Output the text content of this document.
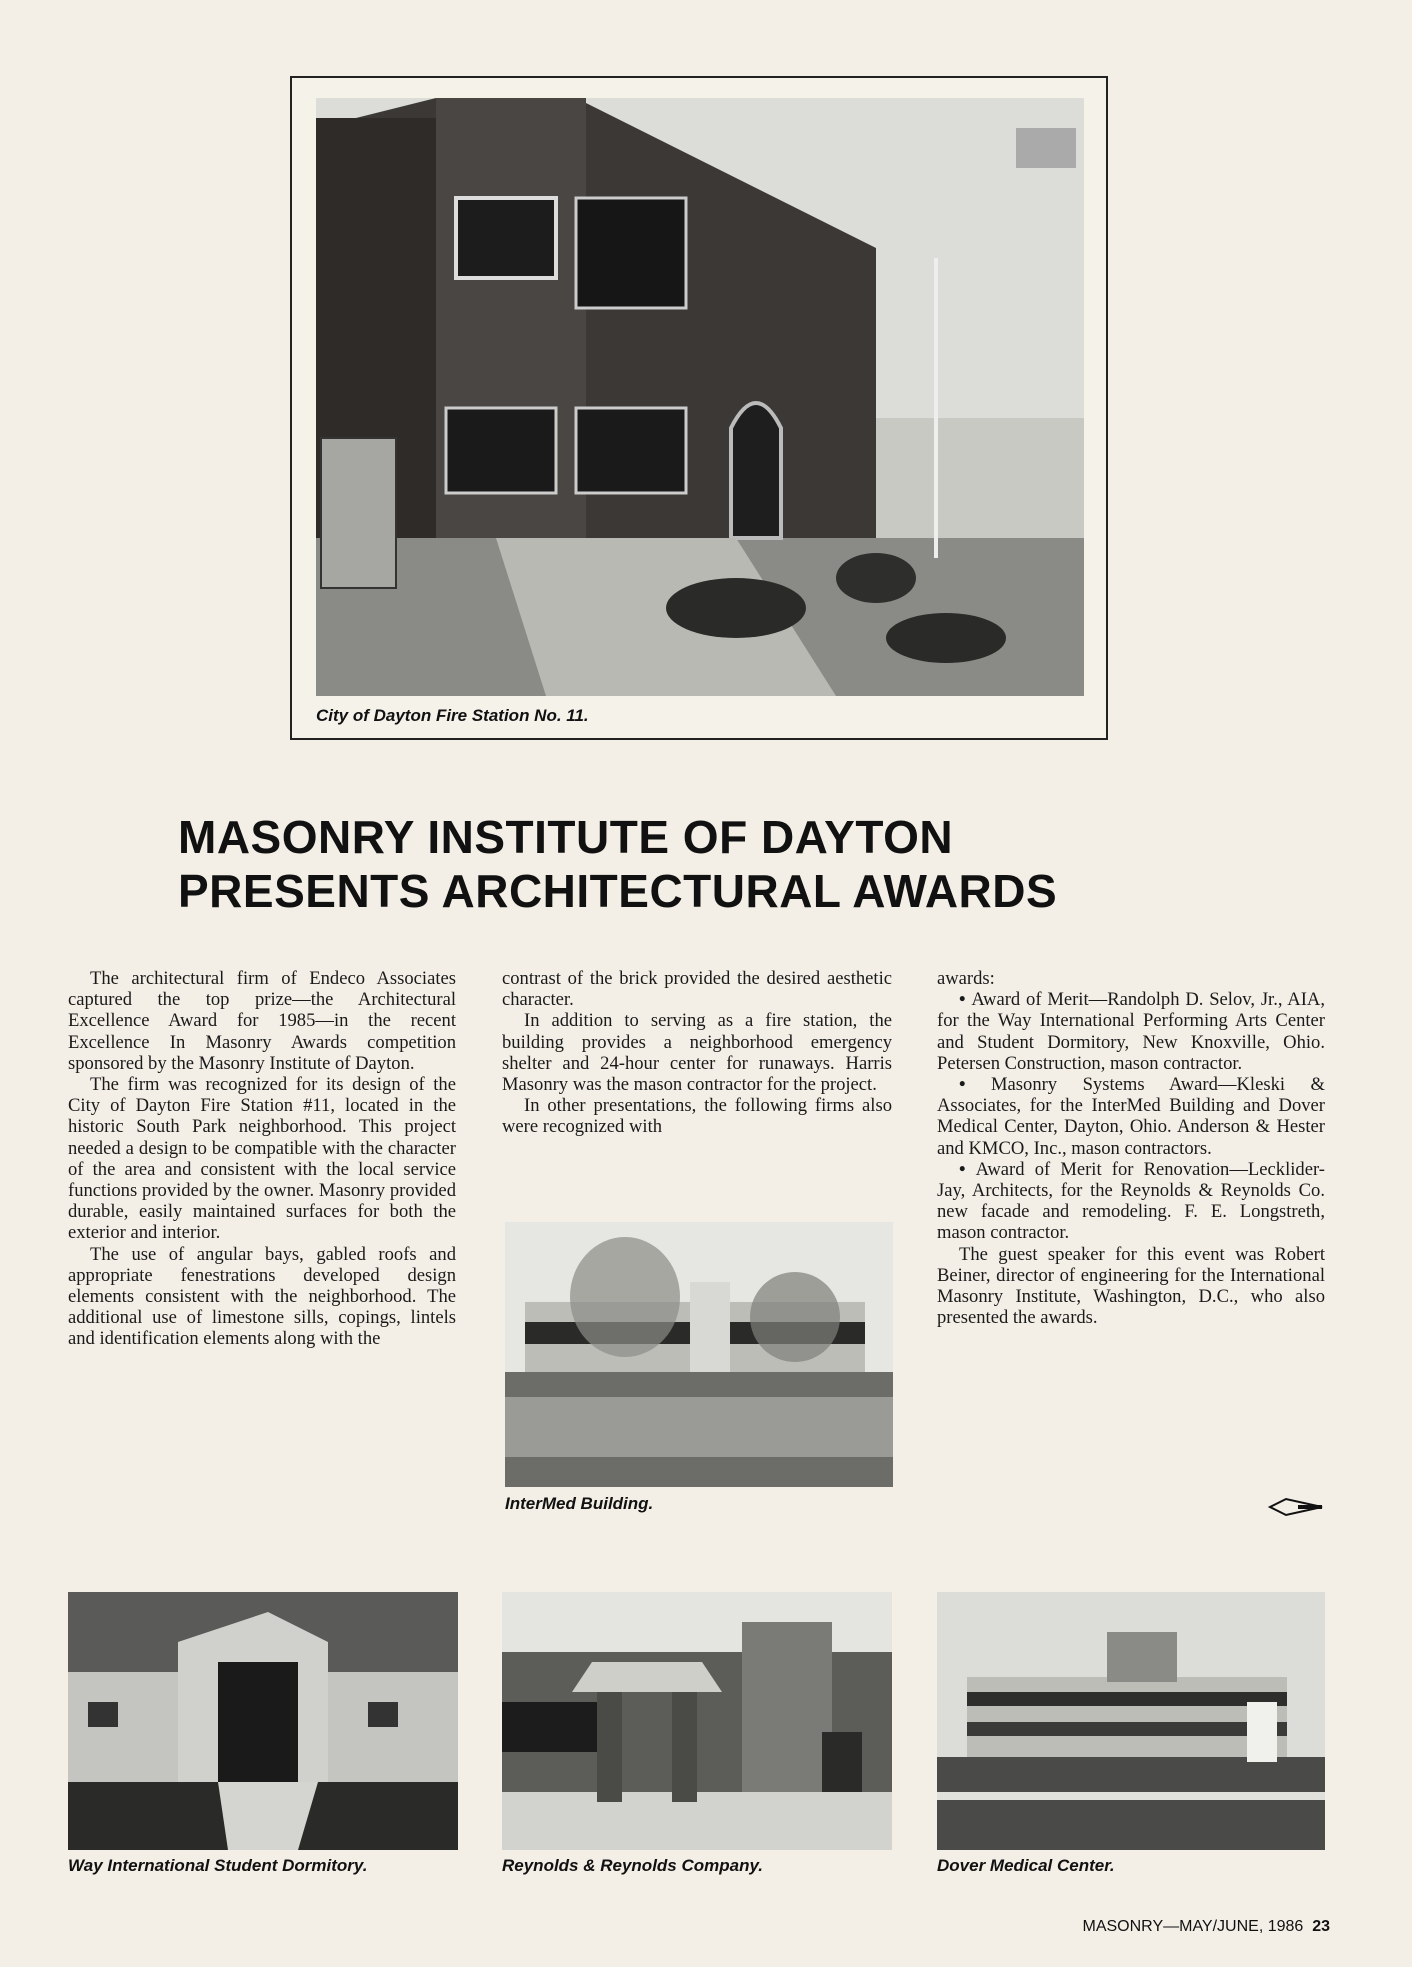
City of Dayton Fire Station No. 11.
MASONRY INSTITUTE OF DAYTON
PRESENTS ARCHITECTURAL AWARDS

The architectural firm of Endeco Associates captured the top prize—the Architectural Excellence Award for 1985—in the recent Excellence In Masonry Awards competition sponsored by the Masonry Institute of Dayton.

The firm was recognized for its design of the City of Dayton Fire Station #11, located in the historic South Park neighborhood. This project needed a design to be compatible with the character of the area and consistent with the local service functions provided by the owner. Masonry provided durable, easily maintained surfaces for both the exterior and interior.

The use of angular bays, gabled roofs and appropriate fenestrations developed design elements consistent with the neighborhood. The additional use of limestone sills, copings, lintels and identification elements along with the

contrast of the brick provided the desired aesthetic character.

In addition to serving as a fire station, the building provides a neighborhood emergency shelter and 24-hour center for runaways. Harris Masonry was the mason contractor for the project.

In other presentations, the following firms also were recognized with

InterMed Building.

awards:

• Award of Merit—Randolph D. Selov, Jr., AIA, for the Way International Performing Arts Center and Student Dormitory, New Knoxville, Ohio. Petersen Construction, mason contractor.

• Masonry Systems Award—Kleski & Associates, for the InterMed Building and Dover Medical Center, Dayton, Ohio. Anderson & Hester and KMCO, Inc., mason contractors.

• Award of Merit for Renovation—Lecklider-Jay, Architects, for the Reynolds & Reynolds Co. new facade and remodeling. F. E. Longstreth, mason contractor.

The guest speaker for this event was Robert Beiner, director of engineering for the International Masonry Institute, Washington, D.C., who also presented the awards.

Way International Student Dormitory.	Reynolds & Reynolds Company.	Dover Medical Center.
MASONRY—MAY/JUNE, 1986 23
